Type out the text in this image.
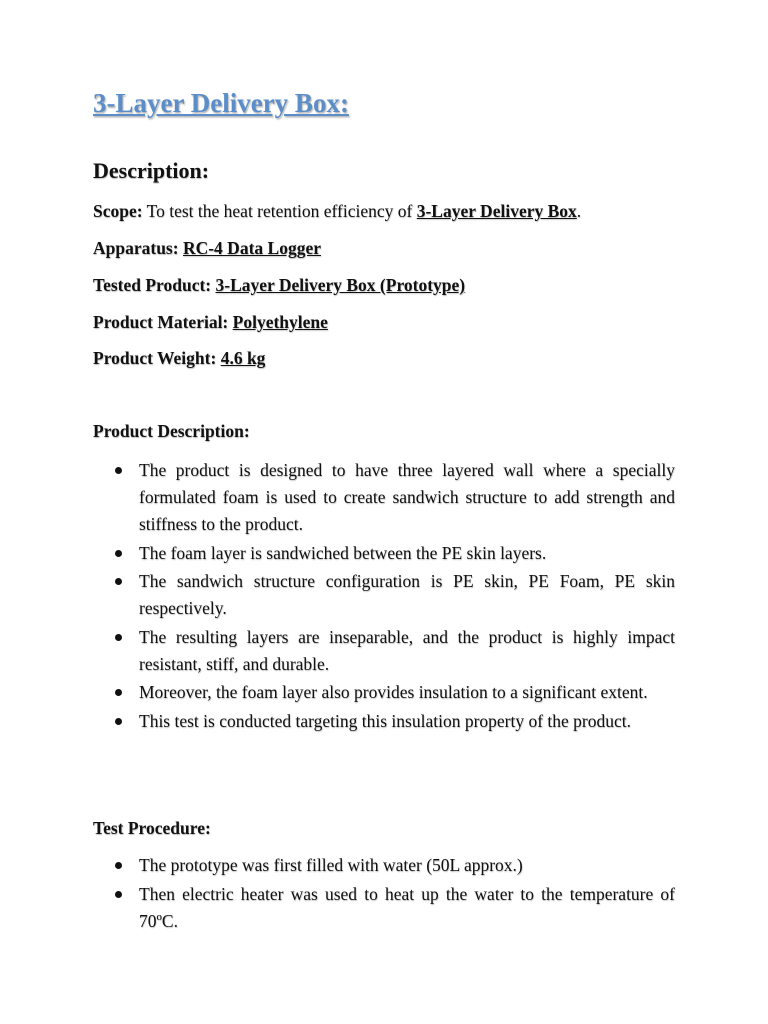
3-Layer Delivery Box:
Description:
Scope: To test the heat retention efficiency of 3-Layer Delivery Box.
Apparatus: RC-4 Data Logger
Tested Product: 3-Layer Delivery Box (Prototype)
Product Material: Polyethylene
Product Weight: 4.6 kg
Product Description:
The product is designed to have three layered wall where a specially formulated foam is used to create sandwich structure to add strength and stiffness to the product.
The foam layer is sandwiched between the PE skin layers.
The sandwich structure configuration is PE skin, PE Foam, PE skin respectively.
The resulting layers are inseparable, and the product is highly impact resistant, stiff, and durable.
Moreover, the foam layer also provides insulation to a significant extent.
This test is conducted targeting this insulation property of the product.
Test Procedure:
The prototype was first filled with water (50L approx.)
Then electric heater was used to heat up the water to the temperature of 70ºC.
